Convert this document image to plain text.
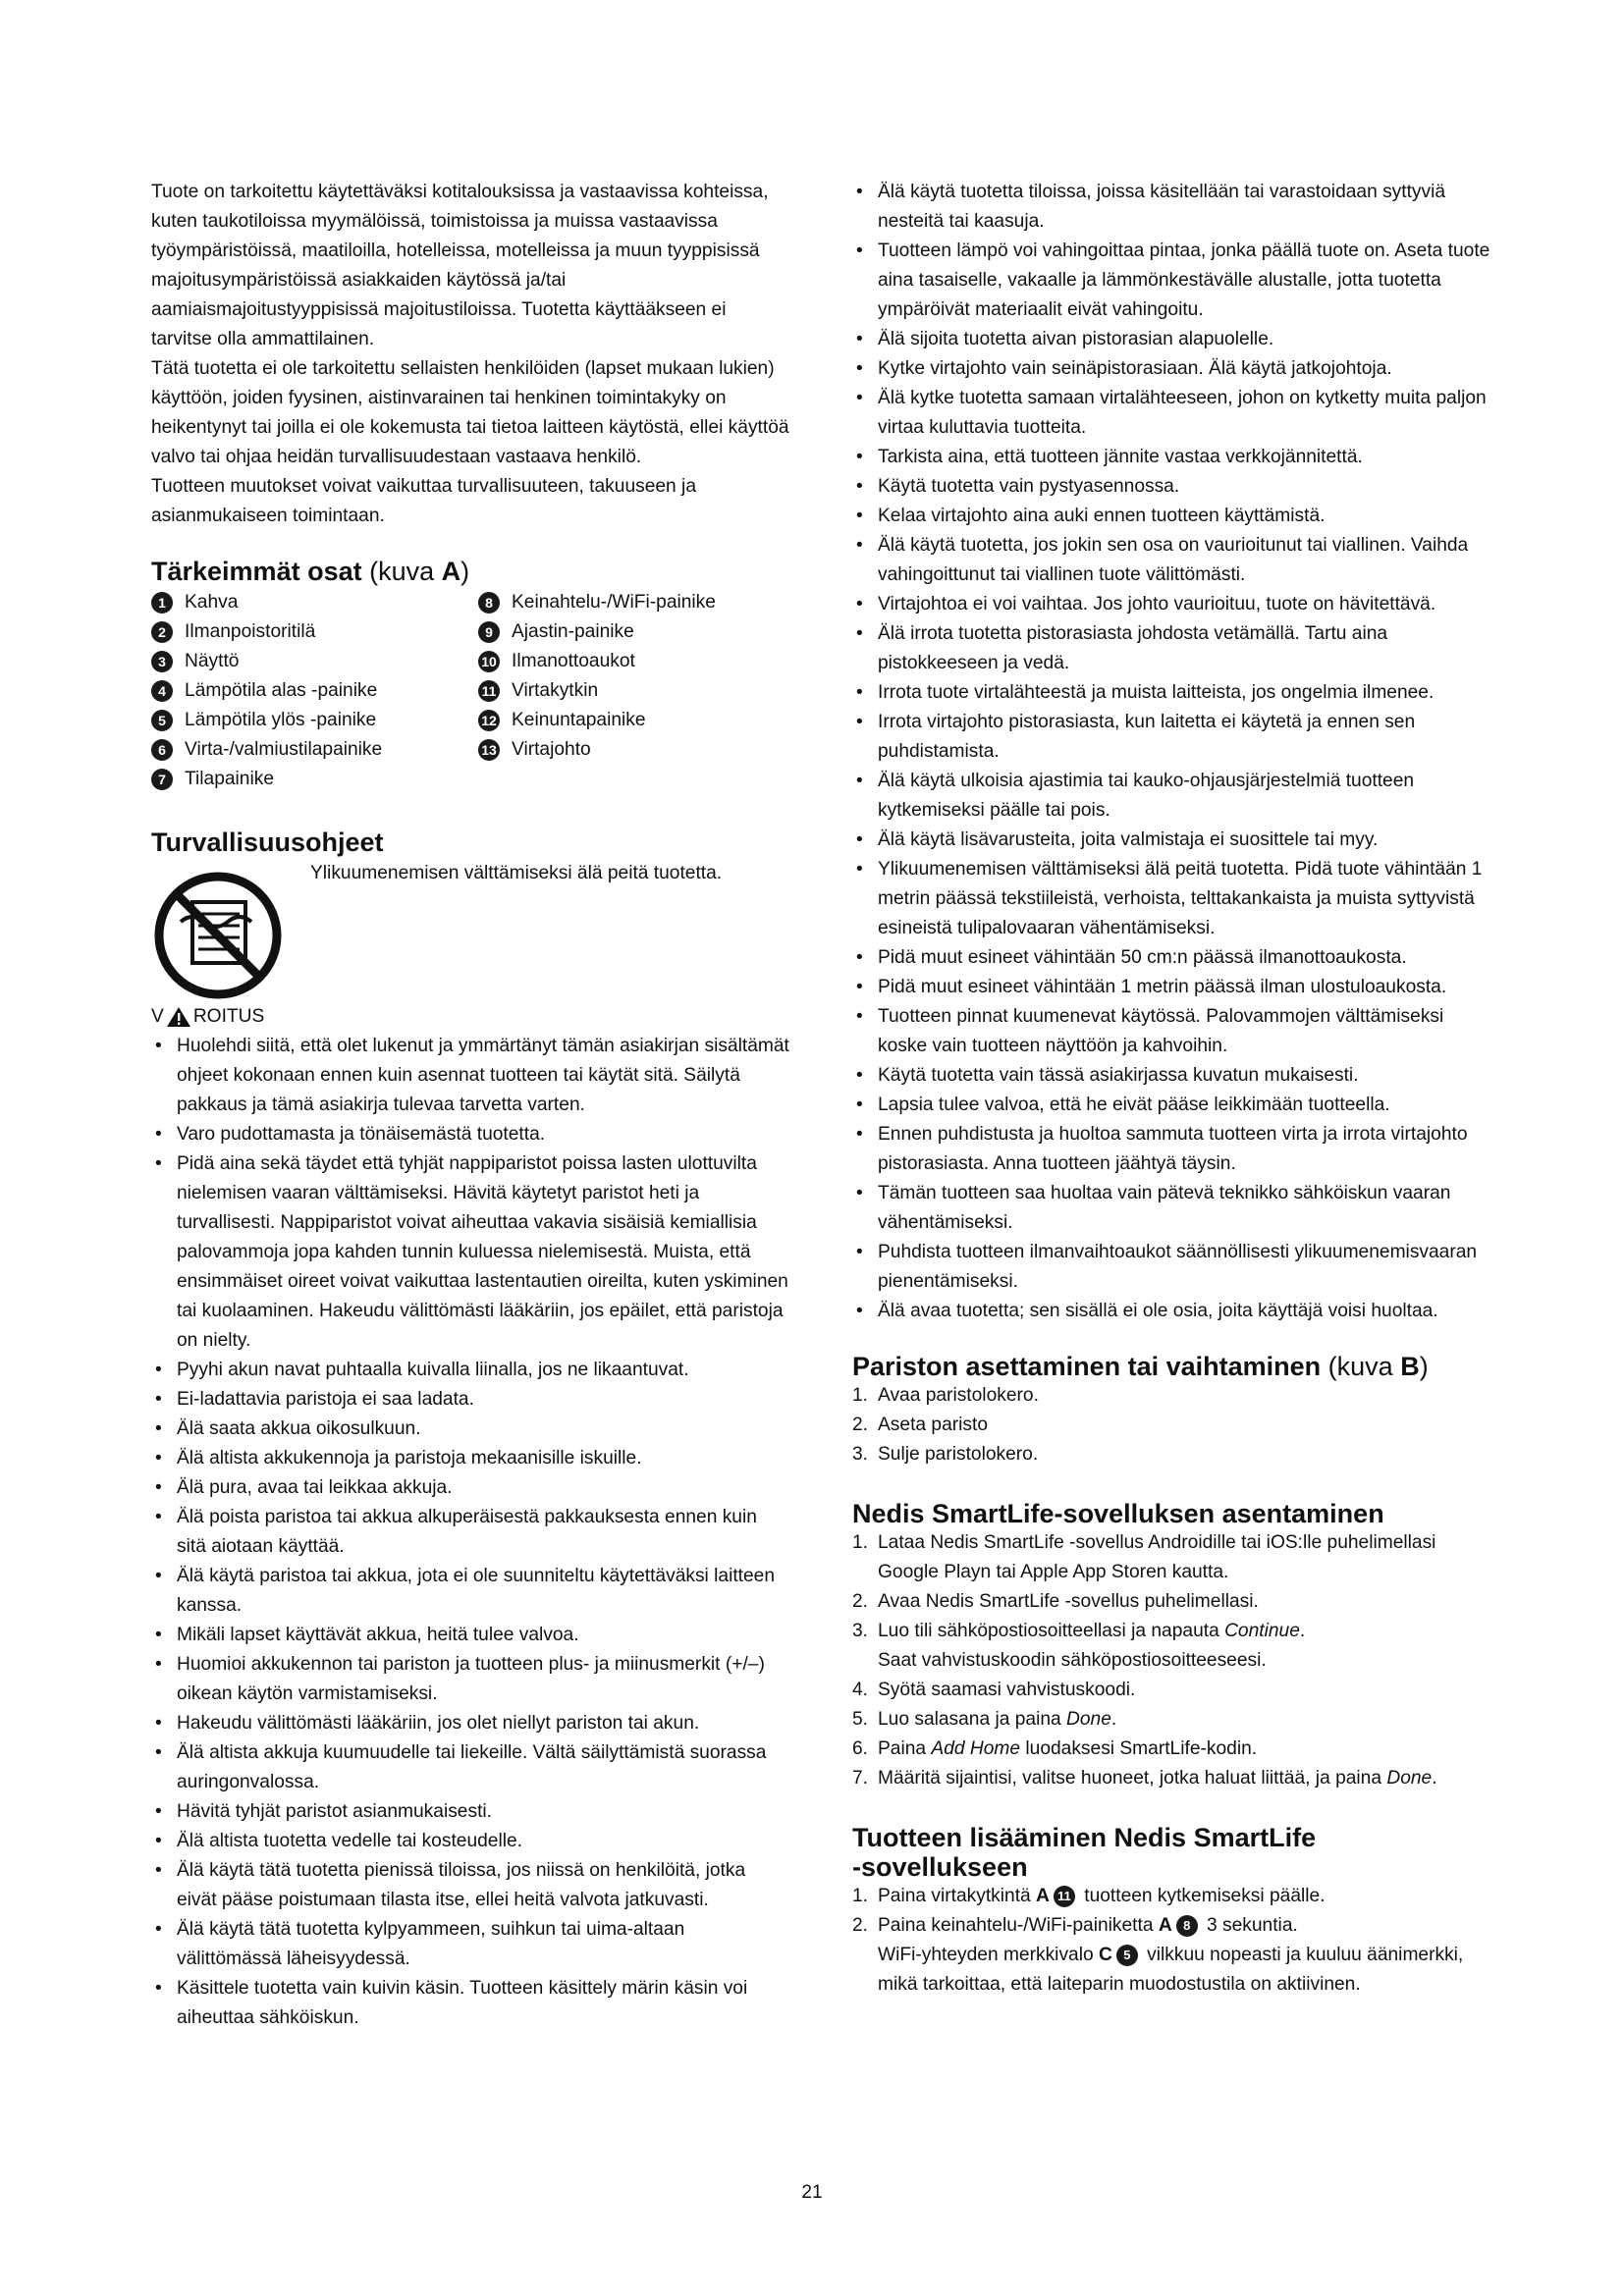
Tuote on tarkoitettu käytettäväksi kotitalouksissa ja vastaavissa kohteissa, kuten taukotiloissa myymälöissä, toimistoissa ja muissa vastaavissa työympäristöissä, maatiloilla, hotelleissa, motelleissa ja muun tyyppisissä majoitusympäristöissä asiakkaiden käytössä ja/tai aamiaismajoitustyyppisissä majoitustiloissa. Tuotetta käyttääkseen ei tarvitse olla ammattilainen.

Tätä tuotetta ei ole tarkoitettu sellaisten henkilöiden (lapset mukaan lukien) käyttöön, joiden fyysinen, aistinvarainen tai henkinen toimintakyky on heikentynyt tai joilla ei ole kokemusta tai tietoa laitteen käytöstä, ellei käyttöä valvo tai ohjaa heidän turvallisuudestaan vastaava henkilö.

Tuotteen muutokset voivat vaikuttaa turvallisuuteen, takuuseen ja asianmukaiseen toimintaan.

Tärkeimmät osat (kuva A)
1 Kahva
2 Ilmanpoistoritilä
3 Näyttö
4 Lämpötila alas -painike
5 Lämpötila ylös -painike
6 Virta-/valmiustilapainike
7 Tilapainike
8 Keinahtelu-/WiFi-painike
9 Ajastin-painike
10 Ilmanottoaukot
11 Virtakytkin
12 Keinuntapainike
13 Virtajohto
Turvallisuusohjeet
Ylikuumenemisen välttämiseksi älä peitä tuotetta.
V ROITUS
• Huolehdi siitä, että olet lukenut ja ymmärtänyt tämän asiakirjan sisältämät ohjeet kokonaan ennen kuin asennat tuotteen tai käytät sitä. Säilytä pakkaus ja tämä asiakirja tulevaa tarvetta varten.
• Varo pudottamasta ja tönäisemästä tuotetta.
• Pidä aina sekä täydet että tyhjät nappiparistot poissa lasten ulottuvilta nielemisen vaaran välttämiseksi. Hävitä käytetyt paristot heti ja turvallisesti. Nappiparistot voivat aiheuttaa vakavia sisäisiä kemiallisia palovammoja jopa kahden tunnin kuluessa nielemisestä. Muista, että ensimmäiset oireet voivat vaikuttaa lastentautien oireilta, kuten yskiminen tai kuolaaminen. Hakeudu välittömästi lääkäriin, jos epäilet, että paristoja on nielty.
• Pyyhi akun navat puhtaalla kuivalla liinalla, jos ne likaantuvat.
• Ei-ladattavia paristoja ei saa ladata.
• Älä saata akkua oikosulkuun.
• Älä altista akkukennoja ja paristoja mekaanisille iskuille.
• Älä pura, avaa tai leikkaa akkuja.
• Älä poista paristoa tai akkua alkuperäisestä pakkauksesta ennen kuin sitä aiotaan käyttää.
• Älä käytä paristoa tai akkua, jota ei ole suunniteltu käytettäväksi laitteen kanssa.
• Mikäli lapset käyttävät akkua, heitä tulee valvoa.
• Huomioi akkukennon tai pariston ja tuotteen plus- ja miinusmerkit (+/–) oikean käytön varmistamiseksi.
• Hakeudu välittömästi lääkäriin, jos olet niellyt pariston tai akun.
• Älä altista akkuja kuumuudelle tai liekeille. Vältä säilyttämistä suorassa auringonvalossa.
• Hävitä tyhjät paristot asianmukaisesti.
• Älä altista tuotetta vedelle tai kosteudelle.
• Älä käytä tätä tuotetta pienissä tiloissa, jos niissä on henkilöitä, jotka eivät pääse poistumaan tilasta itse, ellei heitä valvota jatkuvasti.
• Älä käytä tätä tuotetta kylpyammeen, suihkun tai uima-altaan välittömässä läheisyydessä.
• Käsittele tuotetta vain kuivin käsin. Tuotteen käsittely märin käsin voi aiheuttaa sähköiskun.
• Älä käytä tuotetta tiloissa, joissa käsitellään tai varastoidaan syttyviä nesteitä tai kaasuja.
• Tuotteen lämpö voi vahingoittaa pintaa, jonka päällä tuote on. Aseta tuote aina tasaiselle, vakaalle ja lämmönkestävälle alustalle, jotta tuotetta ympäröivät materiaalit eivät vahingoitu.
• Älä sijoita tuotetta aivan pistorasian alapuolelle.
• Kytke virtajohto vain seinäpistorasiaan. Älä käytä jatkojohtoja.
• Älä kytke tuotetta samaan virtalähteeseen, johon on kytketty muita paljon virtaa kuluttavia tuotteita.
• Tarkista aina, että tuotteen jännite vastaa verkkojännitettä.
• Käytä tuotetta vain pystyasennossa.
• Kelaa virtajohto aina auki ennen tuotteen käyttämistä.
• Älä käytä tuotetta, jos jokin sen osa on vaurioitunut tai viallinen. Vaihda vahingoittunut tai viallinen tuote välittömästi.
• Virtajohtoa ei voi vaihtaa. Jos johto vaurioituu, tuote on hävitettävä.
• Älä irrota tuotetta pistorasiasta johdosta vetämällä. Tartu aina pistokkeeseen ja vedä.
• Irrota tuote virtalähteestä ja muista laitteista, jos ongelmia ilmenee.
• Irrota virtajohto pistorasiasta, kun laitetta ei käytetä ja ennen sen puhdistamista.
• Älä käytä ulkoisia ajastimia tai kauko-ohjausjärjestelmiä tuotteen kytkemiseksi päälle tai pois.
• Älä käytä lisävarusteita, joita valmistaja ei suosittele tai myy.
• Ylikuumenemisen välttämiseksi älä peitä tuotetta. Pidä tuote vähintään 1 metrin päässä tekstiileistä, verhoista, telttakankaista ja muista syttyvistä esineistä tulipalovaaran vähentämiseksi.
• Pidä muut esineet vähintään 50 cm:n päässä ilmanottoaukosta.
• Pidä muut esineet vähintään 1 metrin päässä ilman ulostuloaukosta.
• Tuotteen pinnat kuumenevat käytössä. Palovammojen välttämiseksi koske vain tuotteen näyttöön ja kahvoihin.
• Käytä tuotetta vain tässä asiakirjassa kuvatun mukaisesti.
• Lapsia tulee valvoa, että he eivät pääse leikkimään tuotteella.
• Ennen puhdistusta ja huoltoa sammuta tuotteen virta ja irrota virtajohto pistorasiasta. Anna tuotteen jäähtyä täysin.
• Tämän tuotteen saa huoltaa vain pätevä teknikko sähköiskun vaaran vähentämiseksi.
• Puhdista tuotteen ilmanvaihtoaukot säännöllisesti ylikuumenemisvaaran pienentämiseksi.
• Älä avaa tuotetta; sen sisällä ei ole osia, joita käyttäjä voisi huoltaa.
Pariston asettaminen tai vaihtaminen (kuva B)
1. Avaa paristolokero.
2. Aseta paristo
3. Sulje paristolokero.
Nedis SmartLife-sovelluksen asentaminen
1. Lataa Nedis SmartLife -sovellus Androidille tai iOS:lle puhelimellasi Google Playn tai Apple App Storen kautta.
2. Avaa Nedis SmartLife -sovellus puhelimellasi.
3. Luo tili sähköpostiosoitteellasi ja napauta Continue.
Saat vahvistuskoodin sähköpostiosoitteeseesi.
4. Syötä saamasi vahvistuskoodi.
5. Luo salasana ja paina Done.
6. Paina Add Home luodaksesi SmartLife-kodin.
7. Määritä sijaintisi, valitse huoneet, jotka haluat liittää, ja paina Done.
Tuotteen lisääminen Nedis SmartLife
-sovellukseen
1. Paina virtakytkintä A 11 tuotteen kytkemiseksi päälle.
2. Paina keinahtelu-/WiFi-painiketta A 8 3 sekuntia.
WiFi-yhteyden merkkivalo C 5 vilkkuu nopeasti ja kuuluu äänimerkki, mikä tarkoittaa, että laiteparin muodostustila on aktiivinen.
21
